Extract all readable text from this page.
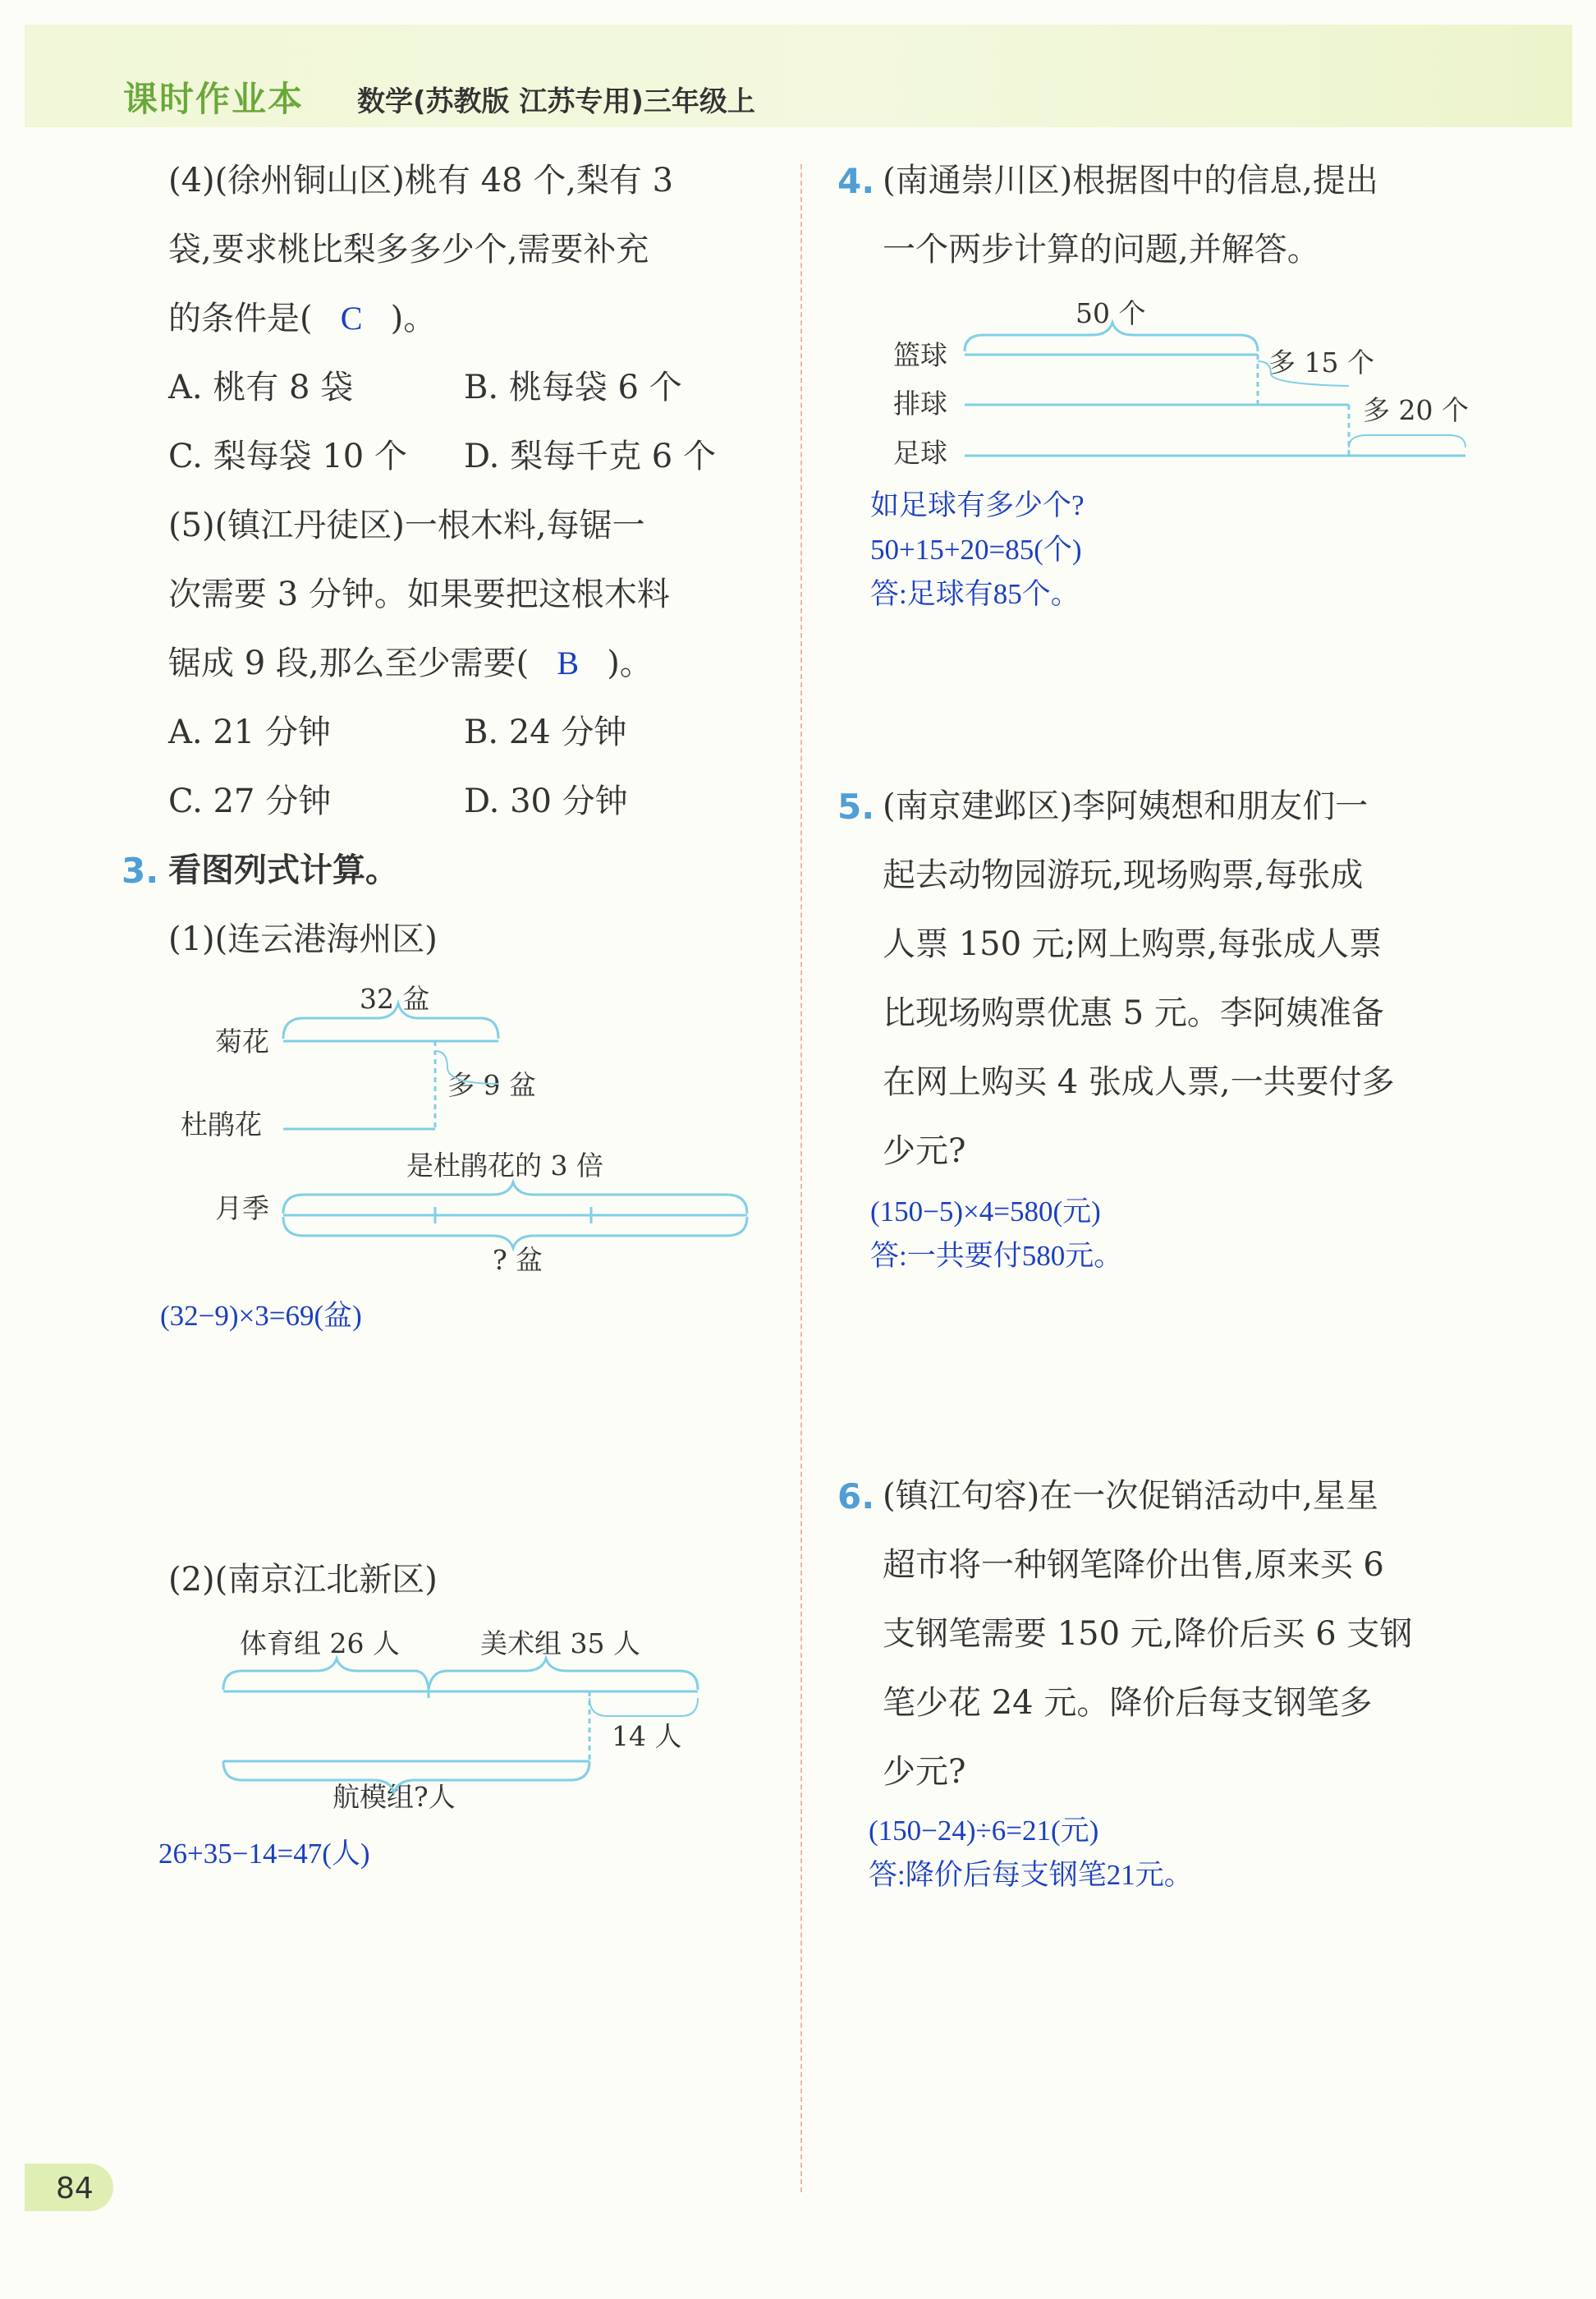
课时作业本 数学(苏教版 江苏专用)三年级上
(4)(徐州铜山区)桃有 48 个,梨有 3
袋,要求桃比梨多多少个,需要补充
的条件是( C )。
A. 桃有 8 袋	B. 桃每袋 6 个
C. 梨每袋 10 个 D. 梨每千克 6 个
(5)(镇江丹徒区)一根木料,每锯一
次需要 3 分钟。如果要把这根木料
锯成 9 段,那么至少需要( B )。
A. 21 分钟	B. 24 分钟
C. 27 分钟	D. 30 分钟
3. 看图列式计算。
(1)(连云港海州区)
32 盆
菊花
多 9 盆
杜鹃花
是杜鹃花的 3 倍
月季
? 盆
(32−9)×3=69(盆)
(2)(南京江北新区)
体育组 26 人	美术组 35 人
14 人
航模组?人
26+35−14=47(人)
4. (南通崇川区)根据图中的信息,提出
一个两步计算的问题,并解答。
50 个
篮球	多 15 个
排球	多 20 个
足球
如足球有多少个?
50+15+20=85(个)
答:足球有85个。
5. (南京建邺区)李阿姨想和朋友们一
起去动物园游玩,现场购票,每张成
人票 150 元;网上购票,每张成人票
比现场购票优惠 5 元。李阿姨准备
在网上购买 4 张成人票,一共要付多
少元?
(150−5)×4=580(元)
答:一共要付580元。
6. (镇江句容)在一次促销活动中,星星
超市将一种钢笔降价出售,原来买 6
支钢笔需要 150 元,降价后买 6 支钢
笔少花 24 元。降价后每支钢笔多
少元?
(150−24)÷6=21(元)
答:降价后每支钢笔21元。
84
